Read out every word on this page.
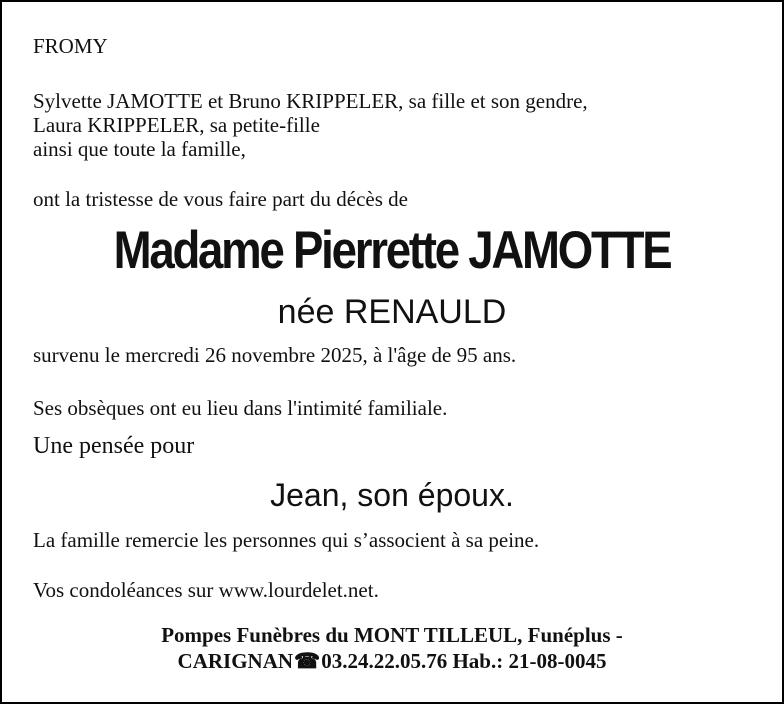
FROMY
Sylvette JAMOTTE et Bruno KRIPPELER, sa fille et son gendre,
Laura KRIPPELER, sa petite-fille
ainsi que toute la famille,
ont la tristesse de vous faire part du décès de
Madame Pierrette JAMOTTE
née RENAULD
survenu le mercredi 26 novembre 2025, à l'âge de 95 ans.
Ses obsèques ont eu lieu dans l'intimité familiale.
Une pensée pour
Jean, son époux.
La famille remercie les personnes qui s’associent à sa peine.
Vos condoléances sur www.lourdelet.net.
Pompes Funèbres du MONT TILLEUL, Funéplus -
CARIGNAN☎03.24.22.05.76 Hab.: 21-08-0045
